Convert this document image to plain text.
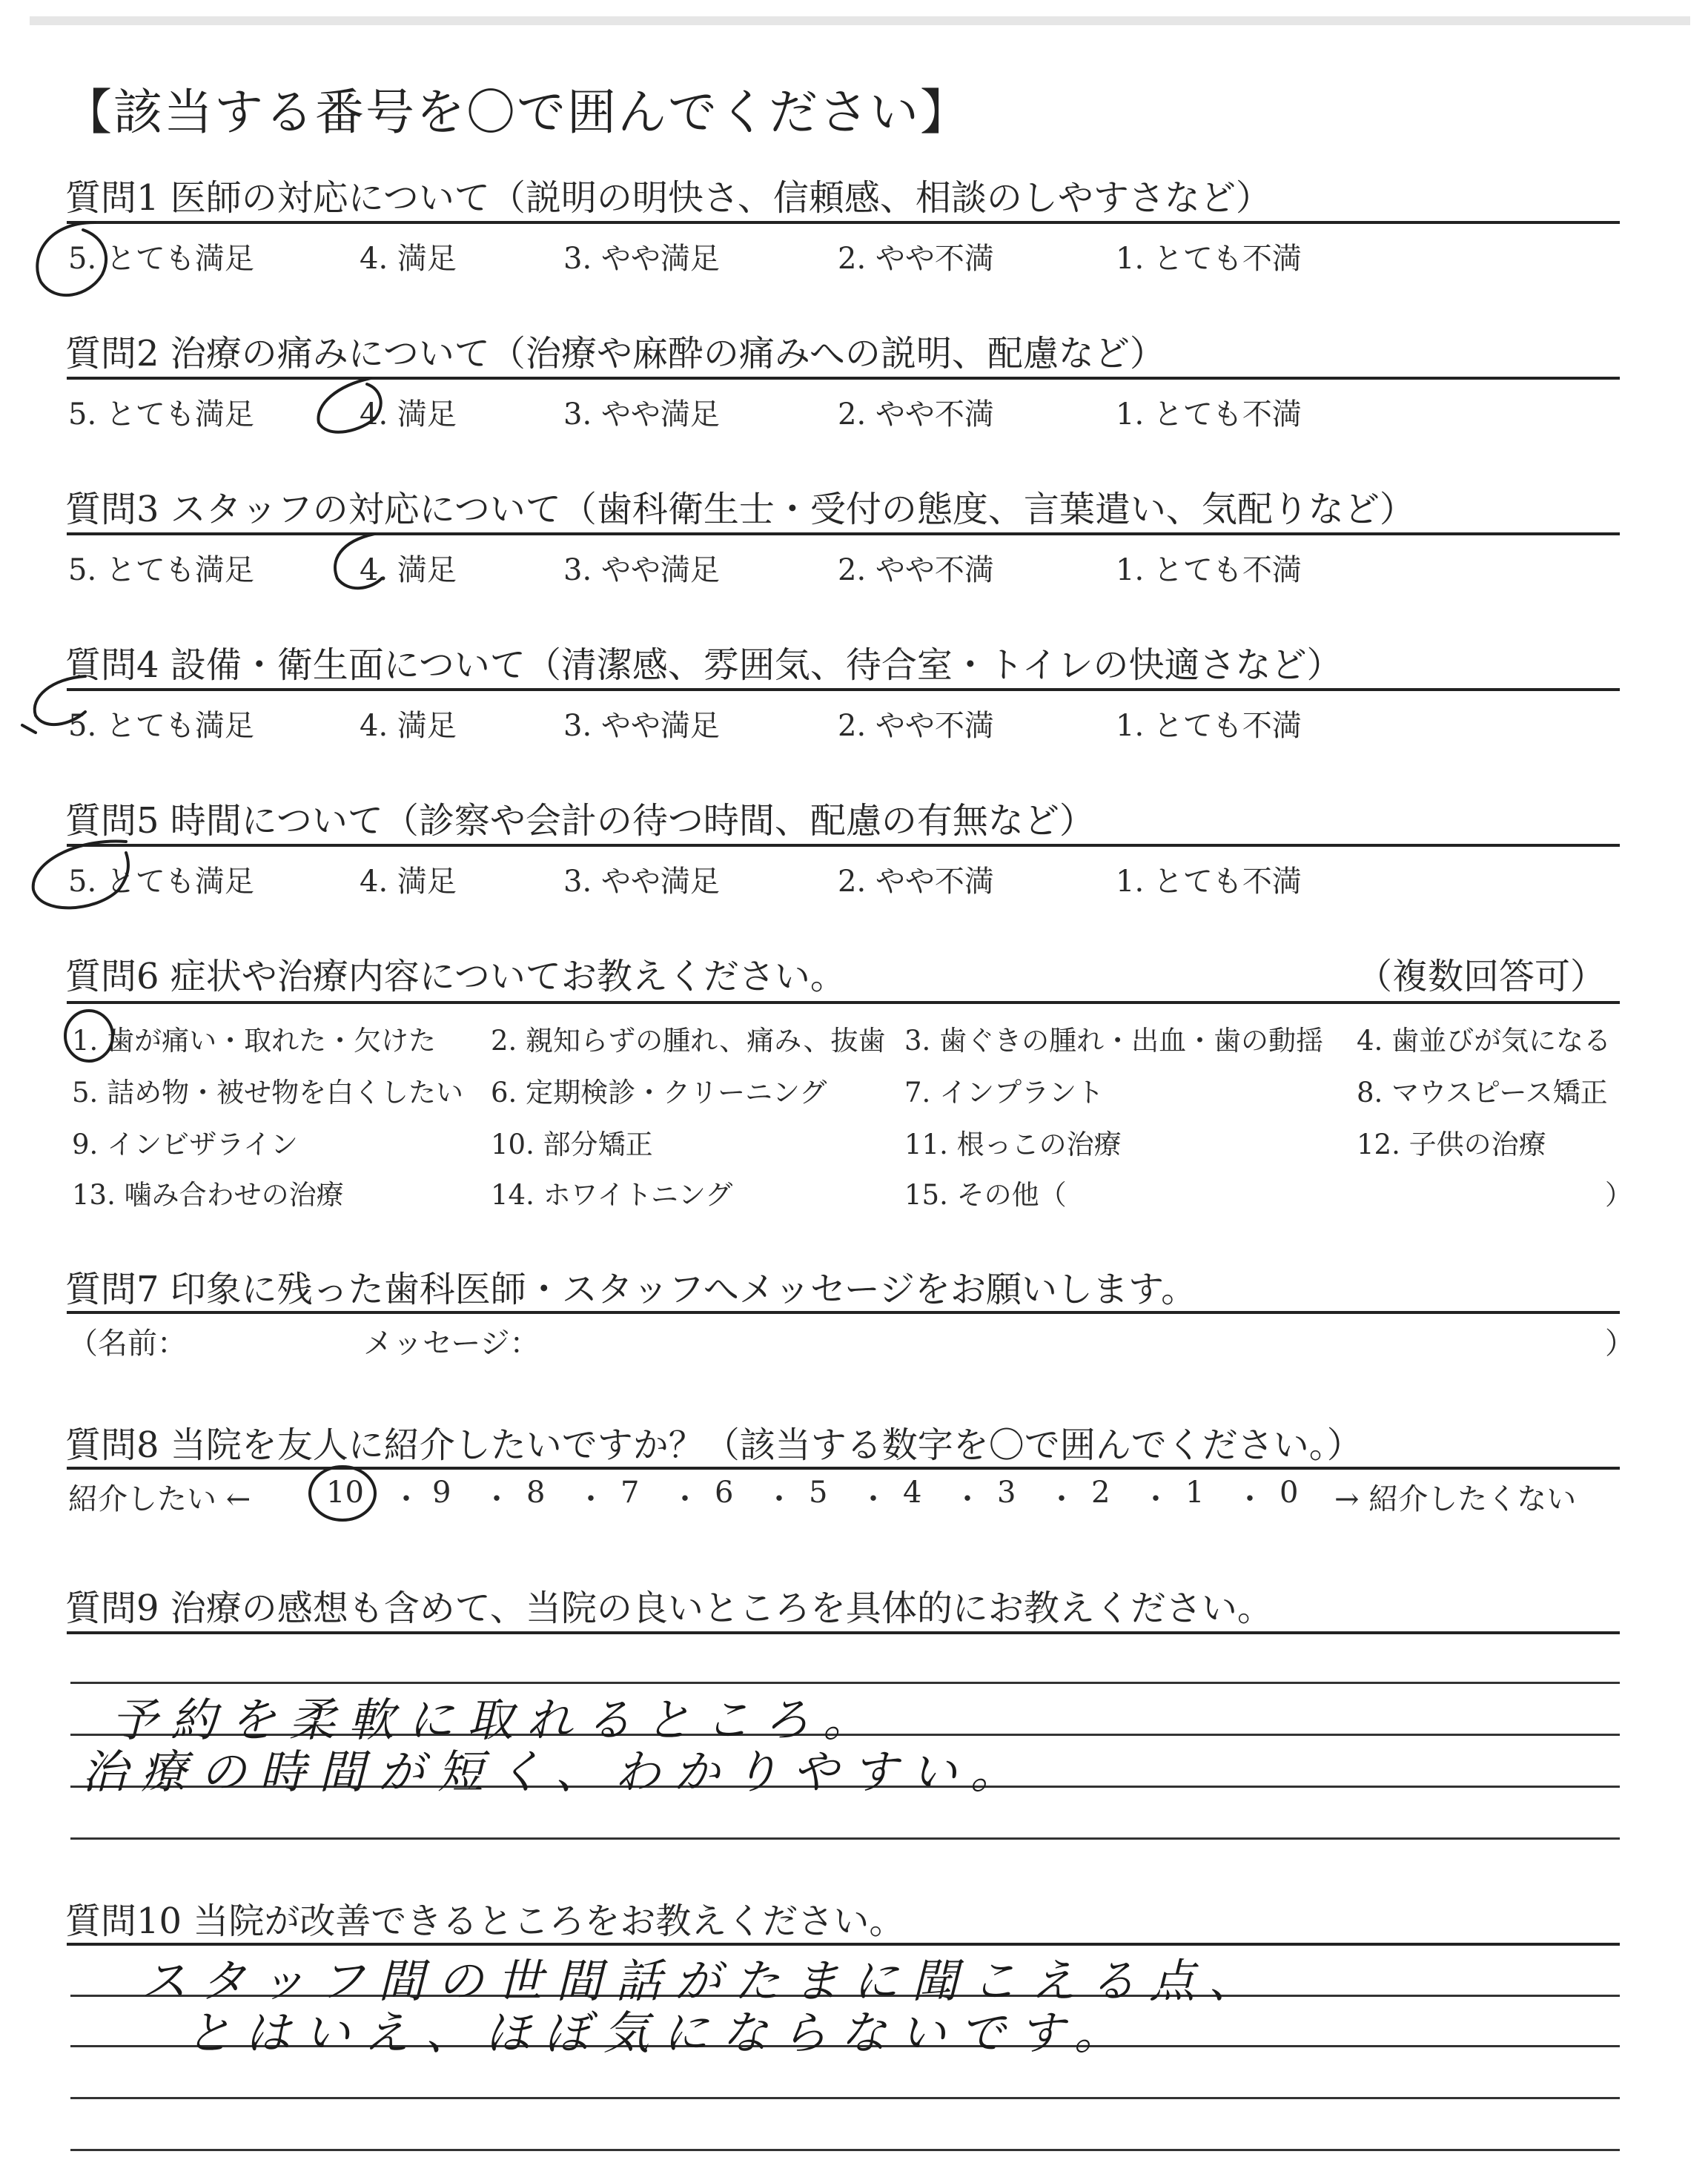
【該当する番号を〇で囲んでください】
質問1 医師の対応について（説明の明快さ、信頼感、相談のしやすさなど）
5. とても満足	4. 満足	3. やや満足	2. やや不満	1. とても不満
質問2 治療の痛みについて（治療や麻酔の痛みへの説明、配慮など）
5. とても満足	4. 満足	3. やや満足	2. やや不満	1. とても不満
質問3 スタッフの対応について（歯科衛生士・受付の態度、言葉遣い、気配りなど）
5. とても満足	4. 満足	3. やや満足	2. やや不満	1. とても不満
質問4 設備・衛生面について（清潔感、雰囲気、待合室・トイレの快適さなど）
5. とても満足	4. 満足	3. やや満足	2. やや不満	1. とても不満
質問5 時間について（診察や会計の待つ時間、配慮の有無など）
5. とても満足	4. 満足	3. やや満足	2. やや不満	1. とても不満
質問6 症状や治療内容についてお教えください。	（複数回答可）
1. 歯が痛い・取れた・欠けた 2. 親知らずの腫れ、痛み、抜歯 3. 歯ぐきの腫れ・出血・歯の動揺 4. 歯並びが気になる
5. 詰め物・被せ物を白くしたい 6. 定期検診・クリーニング	7. インプラント	8. マウスピース矯正
9. インビザライン	10. 部分矯正	11. 根っこの治療	12. 子供の治療
13. 噛み合わせの治療	14. ホワイトニング	15. その他（	）
質問7 印象に残った歯科医師・スタッフへメッセージをお願いします。
（名前：	メッセージ：	）
質問8 当院を友人に紹介したいですか？（該当する数字を〇で囲んでください。）
紹介したい ←	10 ・ 9 ・ 8 ・ 7 ・ 6 ・ 5 ・ 4 ・ 3 ・ 2 ・ 1 ・ 0 → 紹介したくない
質問9 治療の感想も含めて、当院の良いところを具体的にお教えください。
予約を柔軟に取れるところ。
治療の時間が短く、わかりやすい。
質問10 当院が改善できるところをお教えください。
スタッフ間の世間話がたまに聞こえる点、
とはいえ、ほぼ気にならないです。
